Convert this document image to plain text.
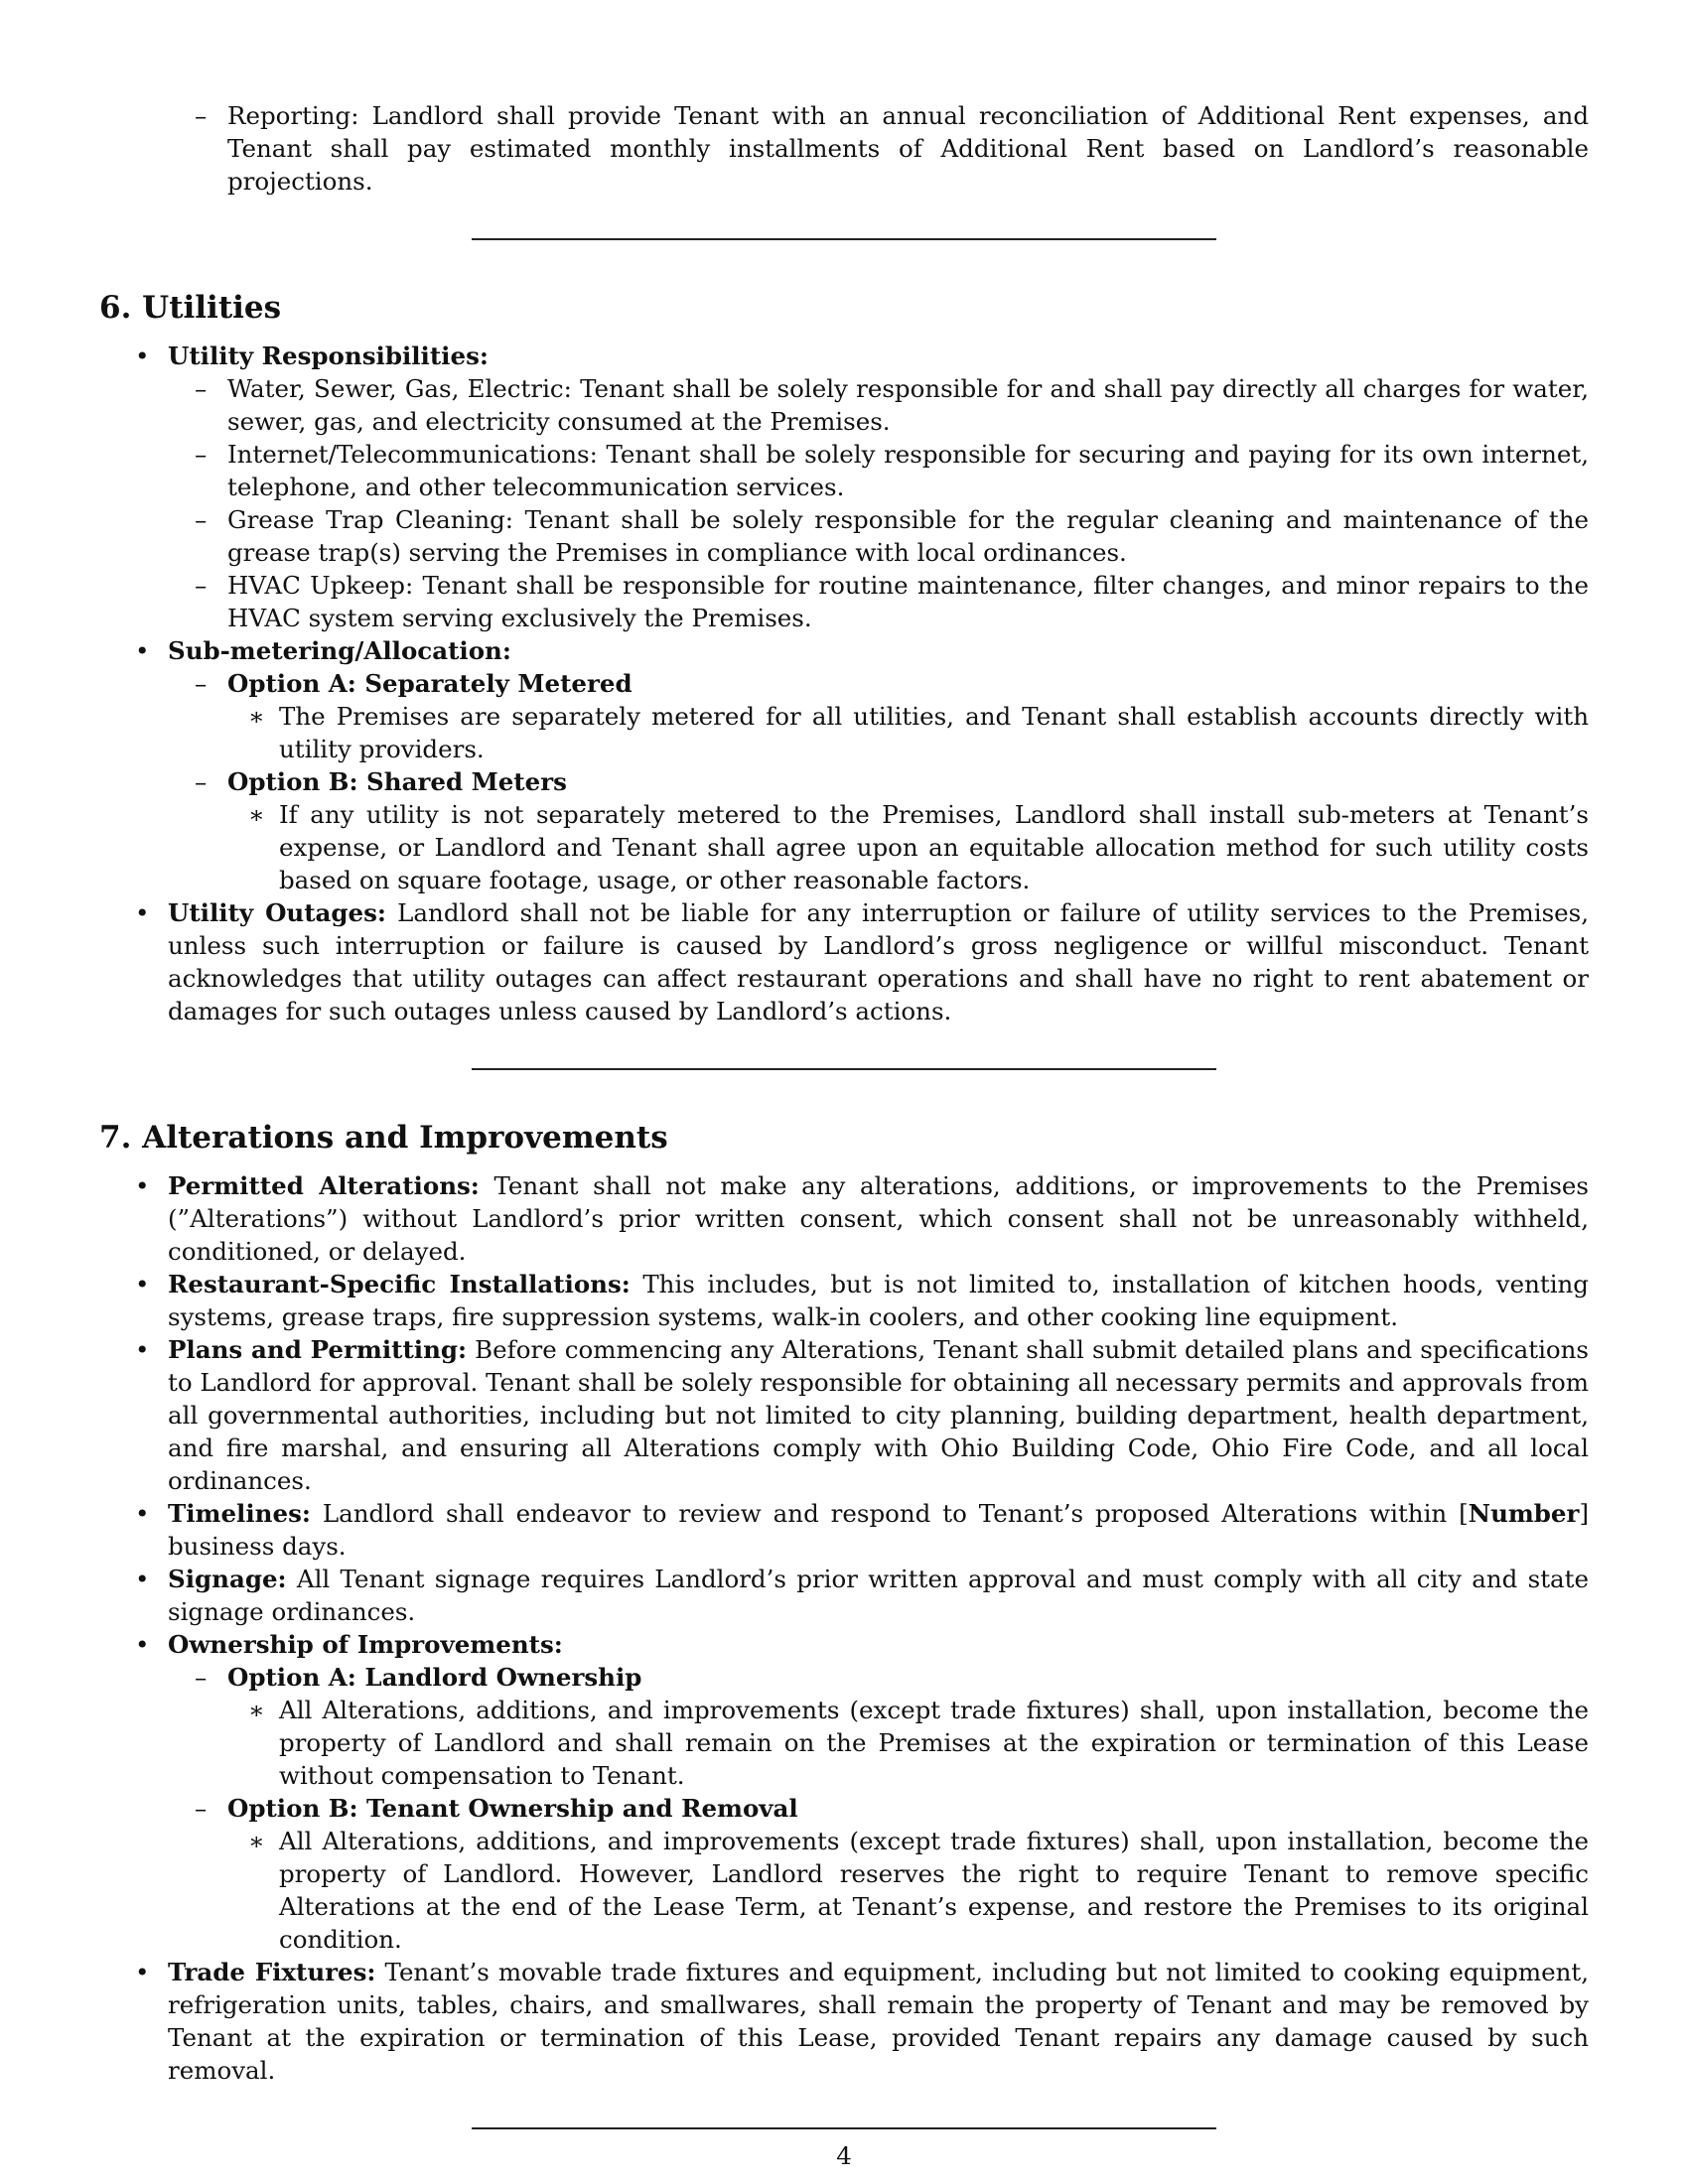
– Reporting: Landlord shall provide Tenant with an annual reconciliation of Additional Rent expenses, and Tenant shall pay estimated monthly installments of Additional Rent based on Landlord’s reasonable projections.
6. Utilities
• Utility Responsibilities:
– Water, Sewer, Gas, Electric: Tenant shall be solely responsible for and shall pay directly all charges for water, sewer, gas, and electricity consumed at the Premises.
– Internet/Telecommunications: Tenant shall be solely responsible for securing and paying for its own internet, telephone, and other telecommunication services.
– Grease Trap Cleaning: Tenant shall be solely responsible for the regular cleaning and maintenance of the grease trap(s) serving the Premises in compliance with local ordinances.
– HVAC Upkeep: Tenant shall be responsible for routine maintenance, filter changes, and minor repairs to the HVAC system serving exclusively the Premises.
• Sub-metering/Allocation:
– Option A: Separately Metered
∗ The Premises are separately metered for all utilities, and Tenant shall establish accounts directly with utility providers.
– Option B: Shared Meters
∗ If any utility is not separately metered to the Premises, Landlord shall install sub-meters at Tenant’s expense, or Landlord and Tenant shall agree upon an equitable allocation method for such utility costs based on square footage, usage, or other reasonable factors.
• Utility Outages: Landlord shall not be liable for any interruption or failure of utility services to the Premises, unless such interruption or failure is caused by Landlord’s gross negligence or willful misconduct. Tenant acknowledges that utility outages can affect restaurant operations and shall have no right to rent abatement or damages for such outages unless caused by Landlord’s actions.
7. Alterations and Improvements
• Permitted Alterations: Tenant shall not make any alterations, additions, or improvements to the Premises (”Alterations”) without Landlord’s prior written consent, which consent shall not be unreasonably withheld, conditioned, or delayed.
• Restaurant-Specific Installations: This includes, but is not limited to, installation of kitchen hoods, venting systems, grease traps, fire suppression systems, walk-in coolers, and other cooking line equipment.
• Plans and Permitting: Before commencing any Alterations, Tenant shall submit detailed plans and specifications to Landlord for approval. Tenant shall be solely responsible for obtaining all necessary permits and approvals from all governmental authorities, including but not limited to city planning, building department, health department, and fire marshal, and ensuring all Alterations comply with Ohio Building Code, Ohio Fire Code, and all local ordinances.
• Timelines: Landlord shall endeavor to review and respond to Tenant’s proposed Alterations within [Number] business days.
• Signage: All Tenant signage requires Landlord’s prior written approval and must comply with all city and state signage ordinances.
• Ownership of Improvements:
– Option A: Landlord Ownership
∗ All Alterations, additions, and improvements (except trade fixtures) shall, upon installation, become the property of Landlord and shall remain on the Premises at the expiration or termination of this Lease without compensation to Tenant.
– Option B: Tenant Ownership and Removal
∗ All Alterations, additions, and improvements (except trade fixtures) shall, upon installation, become the property of Landlord. However, Landlord reserves the right to require Tenant to remove specific Alterations at the end of the Lease Term, at Tenant’s expense, and restore the Premises to its original condition.
• Trade Fixtures: Tenant’s movable trade fixtures and equipment, including but not limited to cooking equipment, refrigeration units, tables, chairs, and smallwares, shall remain the property of Tenant and may be removed by Tenant at the expiration or termination of this Lease, provided Tenant repairs any damage caused by such removal.
4
